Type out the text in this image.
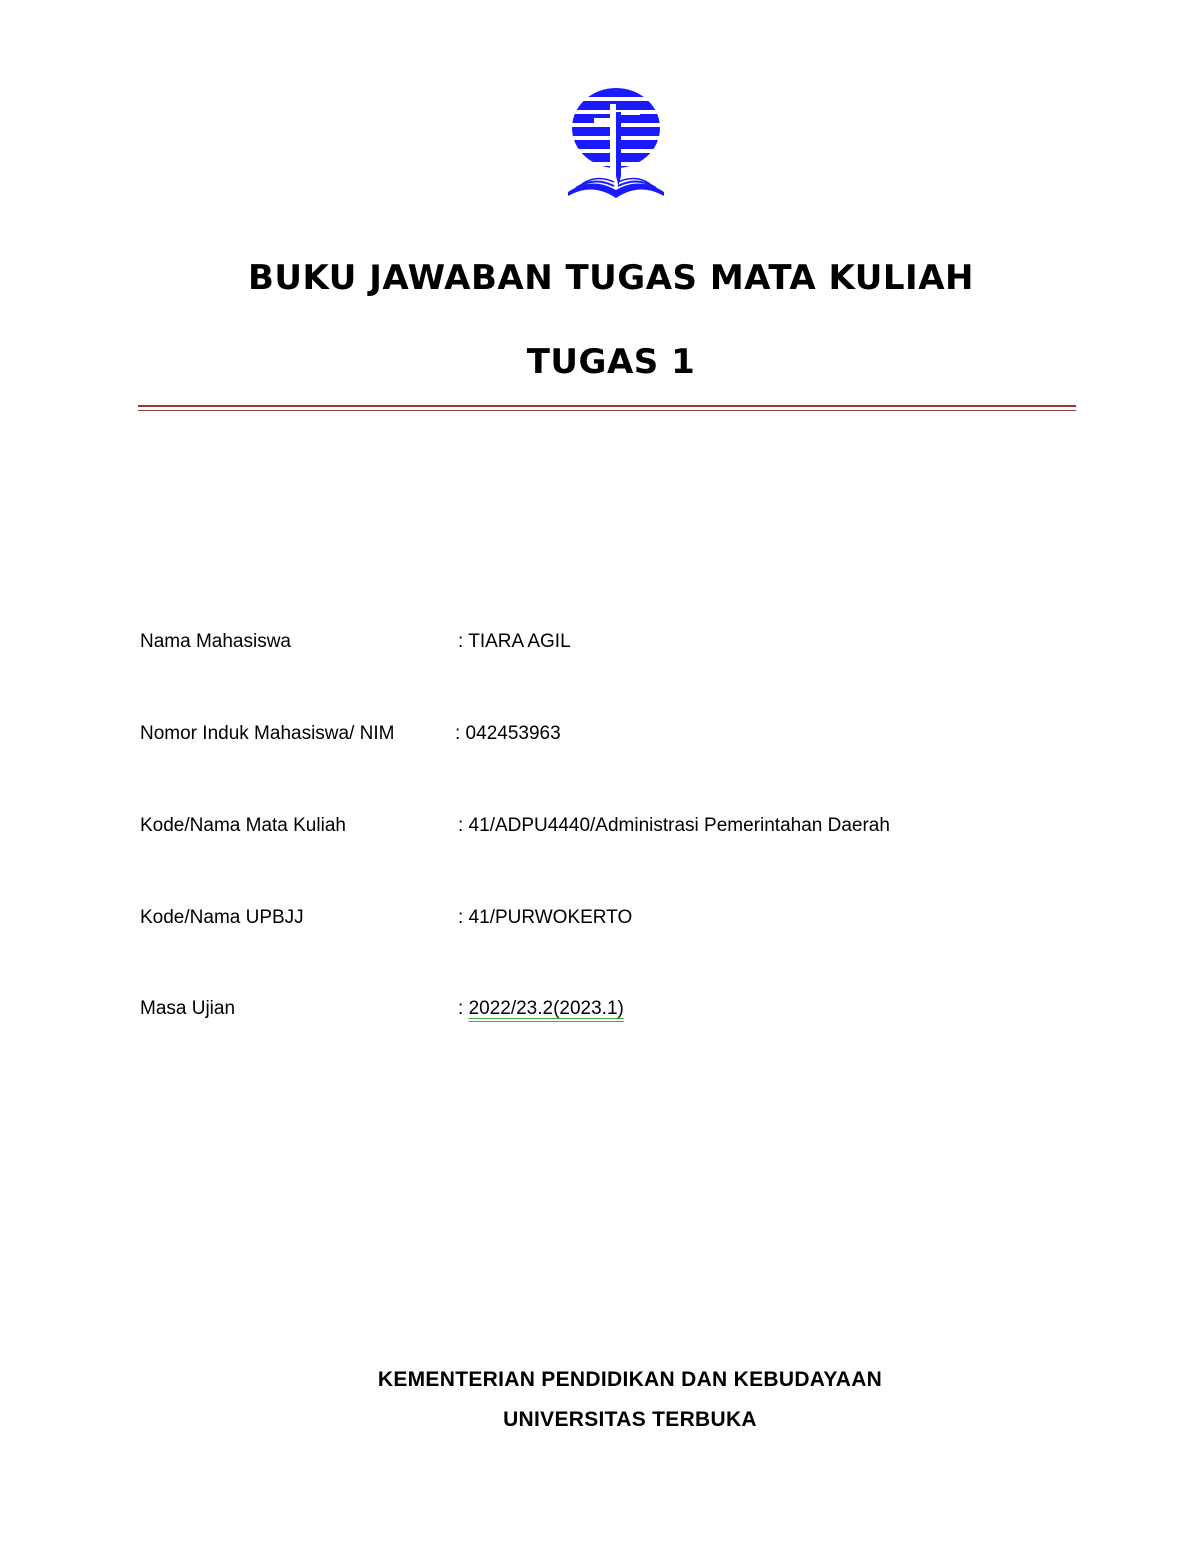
BUKU JAWABAN TUGAS MATA KULIAH
TUGAS 1
Nama Mahasiswa	: TIARA AGIL
Nomor Induk Mahasiswa/ NIM	: 042453963
Kode/Nama Mata Kuliah	: 41/ADPU4440/Administrasi Pemerintahan Daerah
Kode/Nama UPBJJ	: 41/PURWOKERTO
Masa Ujian	: 2022/23.2(2023.1)
KEMENTERIAN PENDIDIKAN DAN KEBUDAYAAN
UNIVERSITAS TERBUKA
